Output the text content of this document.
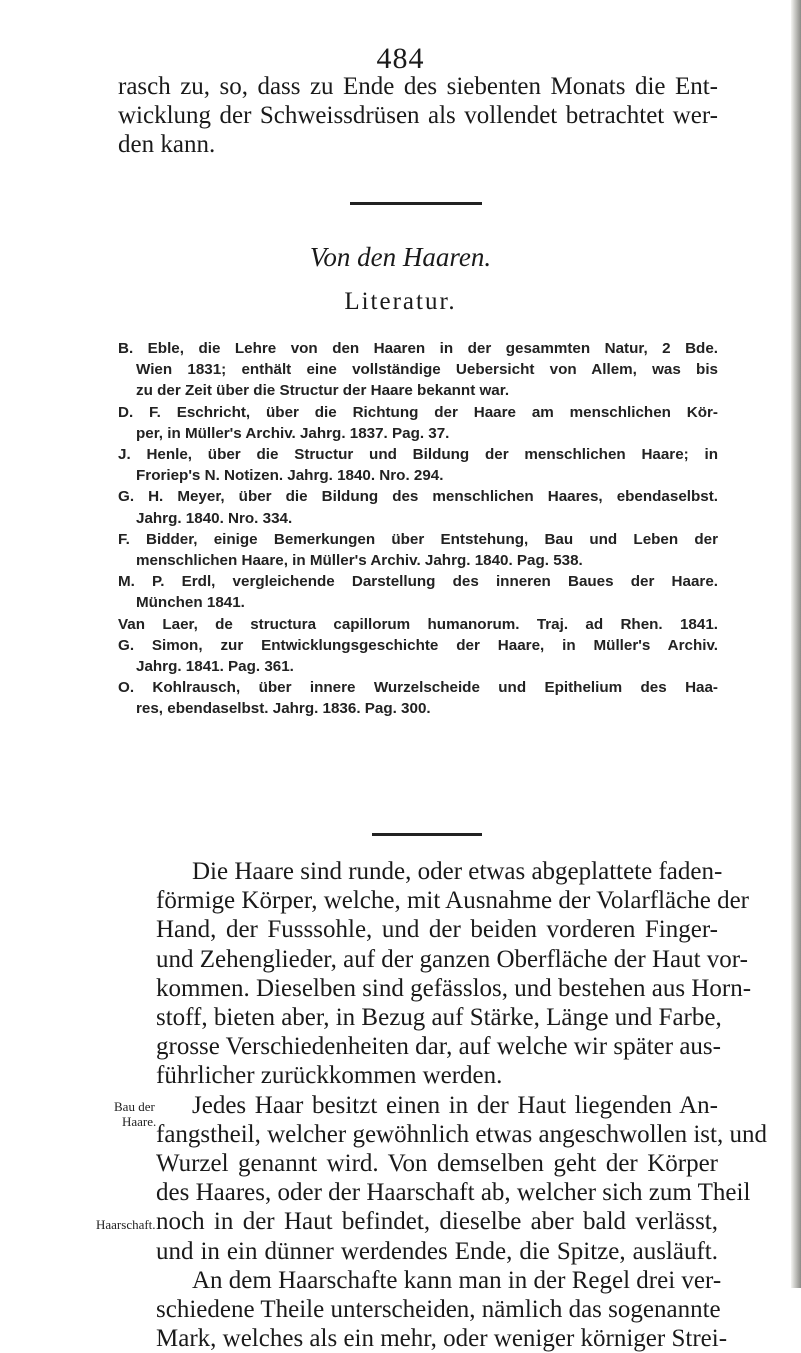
484
rasch zu, so, dass zu Ende des siebenten Monats die Ent-
wicklung der Schweissdrüsen als vollendet betrachtet wer-
den kann.
Von den Haaren.
Literatur.
B. Eble, die Lehre von den Haaren in der gesammten Natur, 2 Bde.
Wien 1831; enthält eine vollständige Uebersicht von Allem, was bis
zu der Zeit über die Structur der Haare bekannt war.
D. F. Eschricht, über die Richtung der Haare am menschlichen Kör-
per, in Müller's Archiv. Jahrg. 1837. Pag. 37.
J. Henle, über die Structur und Bildung der menschlichen Haare; in
Froriep's N. Notizen. Jahrg. 1840. Nro. 294.
G. H. Meyer, über die Bildung des menschlichen Haares, ebendaselbst.
Jahrg. 1840. Nro. 334.
F. Bidder, einige Bemerkungen über Entstehung, Bau und Leben der
menschlichen Haare, in Müller's Archiv. Jahrg. 1840. Pag. 538.
M. P. Erdl, vergleichende Darstellung des inneren Baues der Haare.
München 1841.
Van Laer, de structura capillorum humanorum. Traj. ad Rhen. 1841.
G. Simon, zur Entwicklungsgeschichte der Haare, in Müller's Archiv.
Jahrg. 1841. Pag. 361.
O. Kohlrausch, über innere Wurzelscheide und Epithelium des Haa-
res, ebendaselbst. Jahrg. 1836. Pag. 300.
Die Haare sind runde, oder etwas abgeplattete faden-
förmige Körper, welche, mit Ausnahme der Volarfläche der
Hand, der Fusssohle, und der beiden vorderen Finger-
und Zehenglieder, auf der ganzen Oberfläche der Haut vor-
kommen. Dieselben sind gefässlos, und bestehen aus Horn-
stoff, bieten aber, in Bezug auf Stärke, Länge und Farbe,
grosse Verschiedenheiten dar, auf welche wir später aus-
führlicher zurückkommen werden.
Jedes Haar besitzt einen in der Haut liegenden An-
fangstheil, welcher gewöhnlich etwas angeschwollen ist, und
Wurzel genannt wird. Von demselben geht der Körper
des Haares, oder der Haarschaft ab, welcher sich zum Theil
noch in der Haut befindet, dieselbe aber bald verlässt,
und in ein dünner werdendes Ende, die Spitze, ausläuft.
An dem Haarschafte kann man in der Regel drei ver-
schiedene Theile unterscheiden, nämlich das sogenannte
Mark, welches als ein mehr, oder weniger körniger Strei-
Bau der
Haare.
Haarschaft.
